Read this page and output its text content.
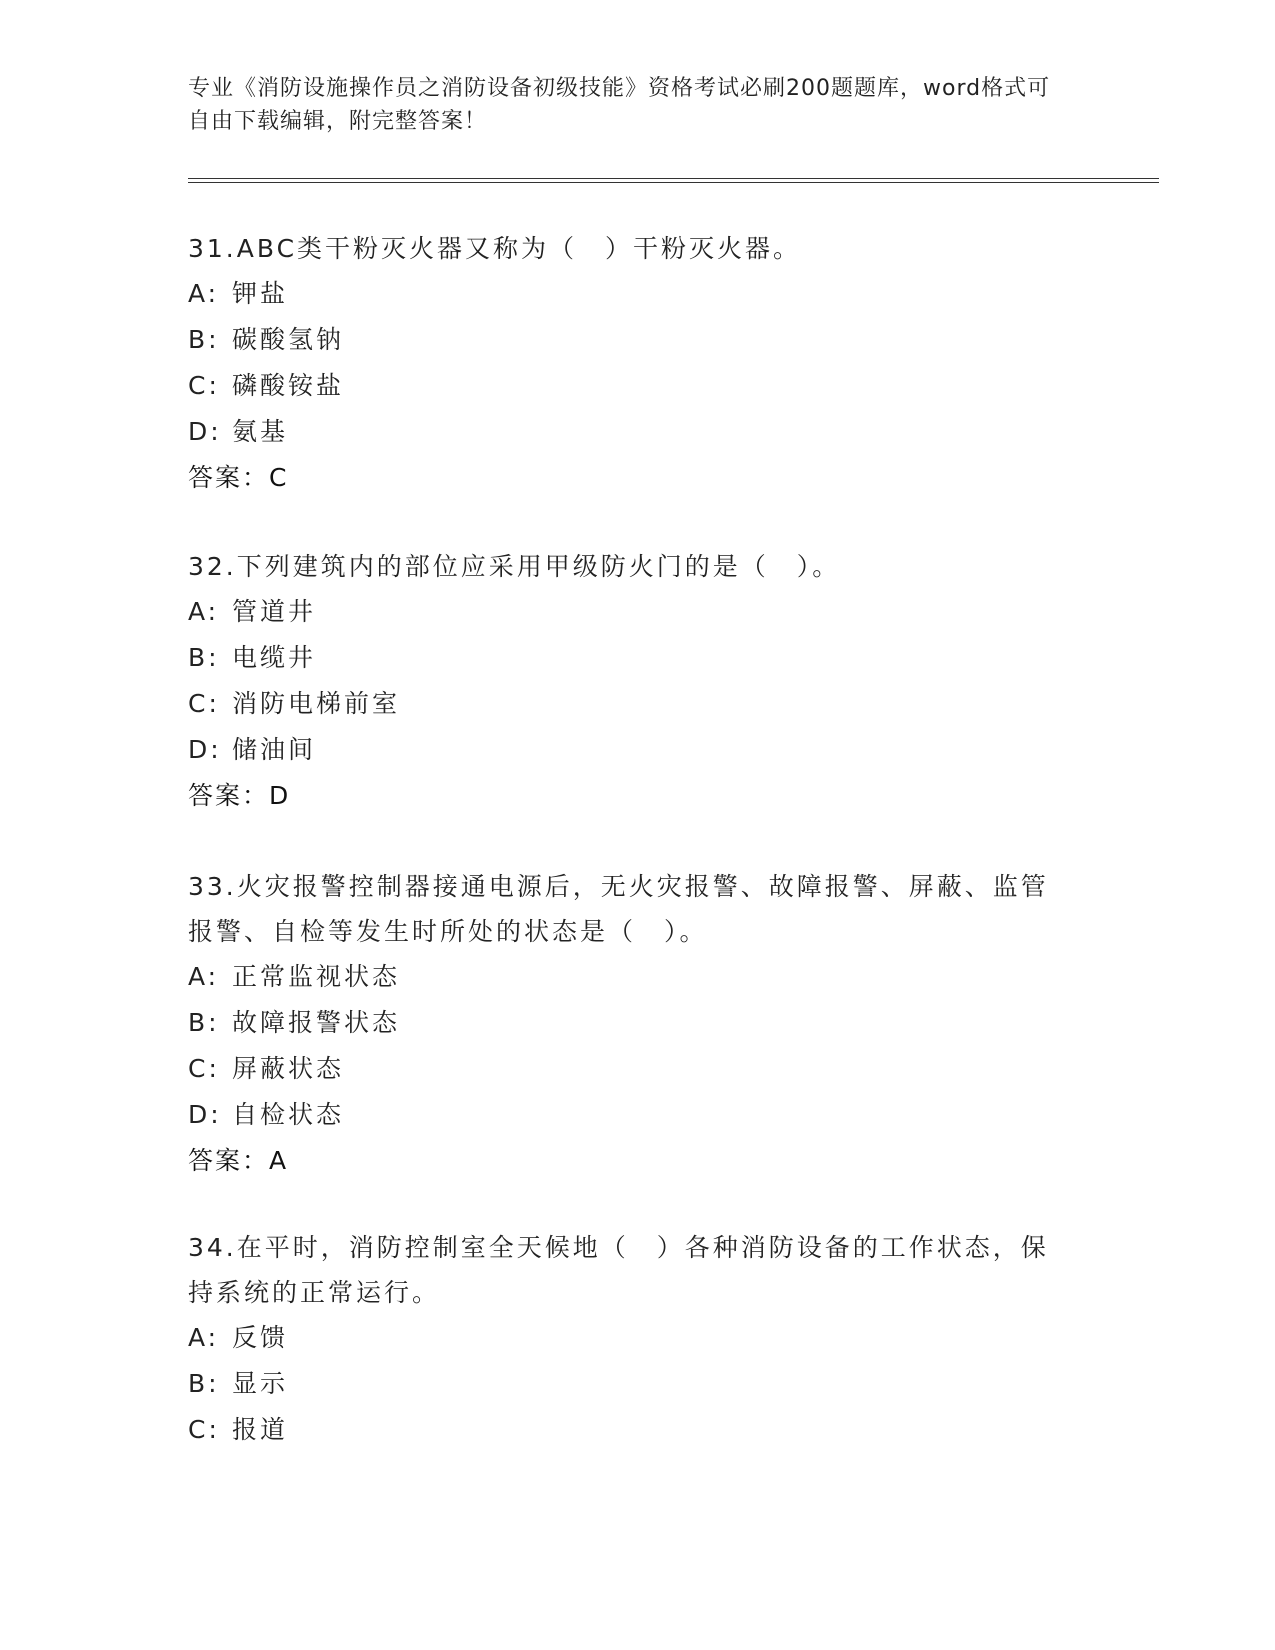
专业《消防设施操作员之消防设备初级技能》资格考试必刷200题题库，word格式可自由下载编辑，附完整答案！

31.ABC类干粉灭火器又称为（　）干粉灭火器。

A: 钾盐
B: 碳酸氢钠
C: 磷酸铵盐
D: 氨基
答案：C

32.下列建筑内的部位应采用甲级防火门的是（　）。

A: 管道井
B: 电缆井
C: 消防电梯前室
D: 储油间
答案：D

33.火灾报警控制器接通电源后，无火灾报警、故障报警、屏蔽、监管报警、自检等发生时所处的状态是（　）。

A: 正常监视状态
B: 故障报警状态
C: 屏蔽状态
D: 自检状态
答案：A

34.在平时，消防控制室全天候地（　）各种消防设备的工作状态，保持系统的正常运行。

A: 反馈
B: 显示
C: 报道
